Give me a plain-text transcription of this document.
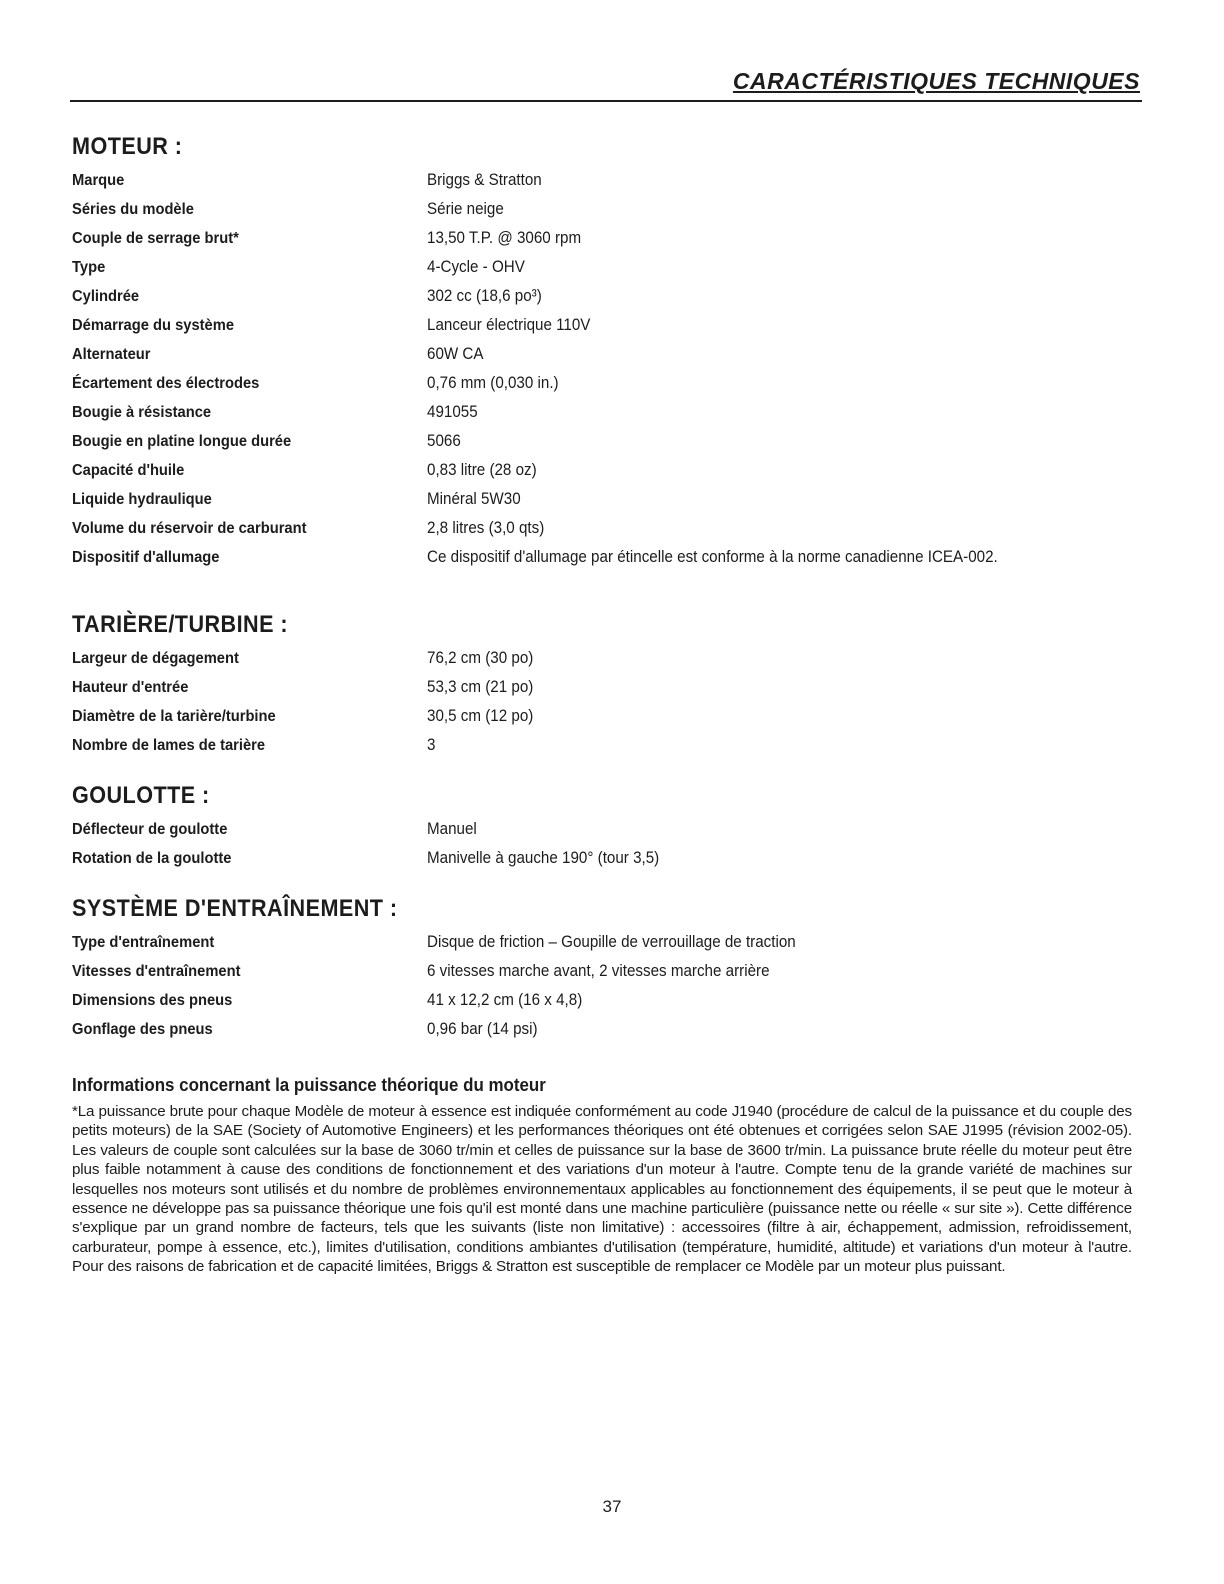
CARACTÉRISTIQUES TECHNIQUES
MOTEUR :
Marque	Briggs & Stratton
Séries du modèle	Série neige
Couple de serrage brut*	13,50 T.P. @ 3060 rpm
Type	4-Cycle - OHV
Cylindrée	302 cc (18,6 po³)
Démarrage du système	Lanceur électrique 110V
Alternateur	60W CA
Écartement des électrodes	0,76 mm (0,030 in.)
Bougie à résistance	491055
Bougie en platine longue durée	5066
Capacité d'huile	0,83 litre (28 oz)
Liquide hydraulique	Minéral 5W30
Volume du réservoir de carburant	2,8 litres (3,0 qts)
Dispositif d'allumage	Ce dispositif d'allumage par étincelle est conforme à la norme canadienne ICEA-002.
TARIÈRE/TURBINE :
Largeur de dégagement	76,2 cm (30 po)
Hauteur d'entrée	53,3 cm (21 po)
Diamètre de la tarière/turbine	30,5 cm (12 po)
Nombre de lames de tarière	3
GOULOTTE :
Déflecteur de goulotte	Manuel
Rotation de la goulotte	Manivelle à gauche 190° (tour 3,5)
SYSTÈME D'ENTRAÎNEMENT :
Type d'entraînement	Disque de friction – Goupille de verrouillage de traction
Vitesses d'entraînement	6 vitesses marche avant, 2 vitesses marche arrière
Dimensions des pneus	41 x 12,2 cm (16 x 4,8)
Gonflage des pneus	0,96 bar (14 psi)
Informations concernant la puissance théorique du moteur

*La puissance brute pour chaque Modèle de moteur à essence est indiquée conformément au code J1940 (procédure de calcul de la puissance et du couple des petits moteurs) de la SAE (Society of Automotive Engineers) et les performances théoriques ont été obtenues et corrigées selon SAE J1995 (révision 2002-05). Les valeurs de couple sont calculées sur la base de 3060 tr/min et celles de puissance sur la base de 3600 tr/min. La puissance brute réelle du moteur peut être plus faible notamment à cause des conditions de fonctionnement et des variations d'un moteur à l'autre. Compte tenu de la grande variété de machines sur lesquelles nos moteurs sont utilisés et du nombre de problèmes environnementaux applicables au fonctionnement des équipements, il se peut que le moteur à essence ne développe pas sa puissance théorique une fois qu'il est monté dans une machine particulière (puissance nette ou réelle « sur site »). Cette différence s'explique par un grand nombre de facteurs, tels que les suivants (liste non limitative) : accessoires (filtre à air, échappement, admission, refroidissement, carburateur, pompe à essence, etc.), limites d'utilisation, conditions ambiantes d'utilisation (température, humidité, altitude) et variations d'un moteur à l'autre. Pour des raisons de fabrication et de capacité limitées, Briggs & Stratton est susceptible de remplacer ce Modèle par un moteur plus puissant.

37
